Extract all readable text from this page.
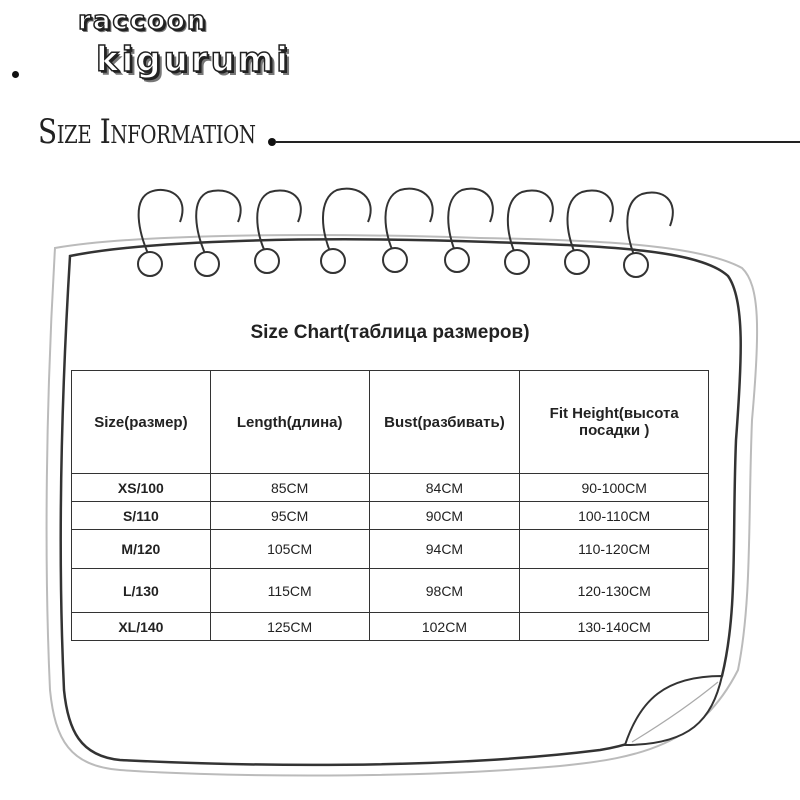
raccoon
kigurumi
Size Information
Size Chart(таблица размеров)
Size(размер)	Length(длина)	Bust(разбивать)	Fit Height(высота посадки )
XS/100	85CM	84CM	90-100CM
S/110	95CM	90CM	100-110CM
M/120	105CM	94CM	110-120CM
L/130	115CM	98CM	120-130CM
XL/140	125CM	102CM	130-140CM
